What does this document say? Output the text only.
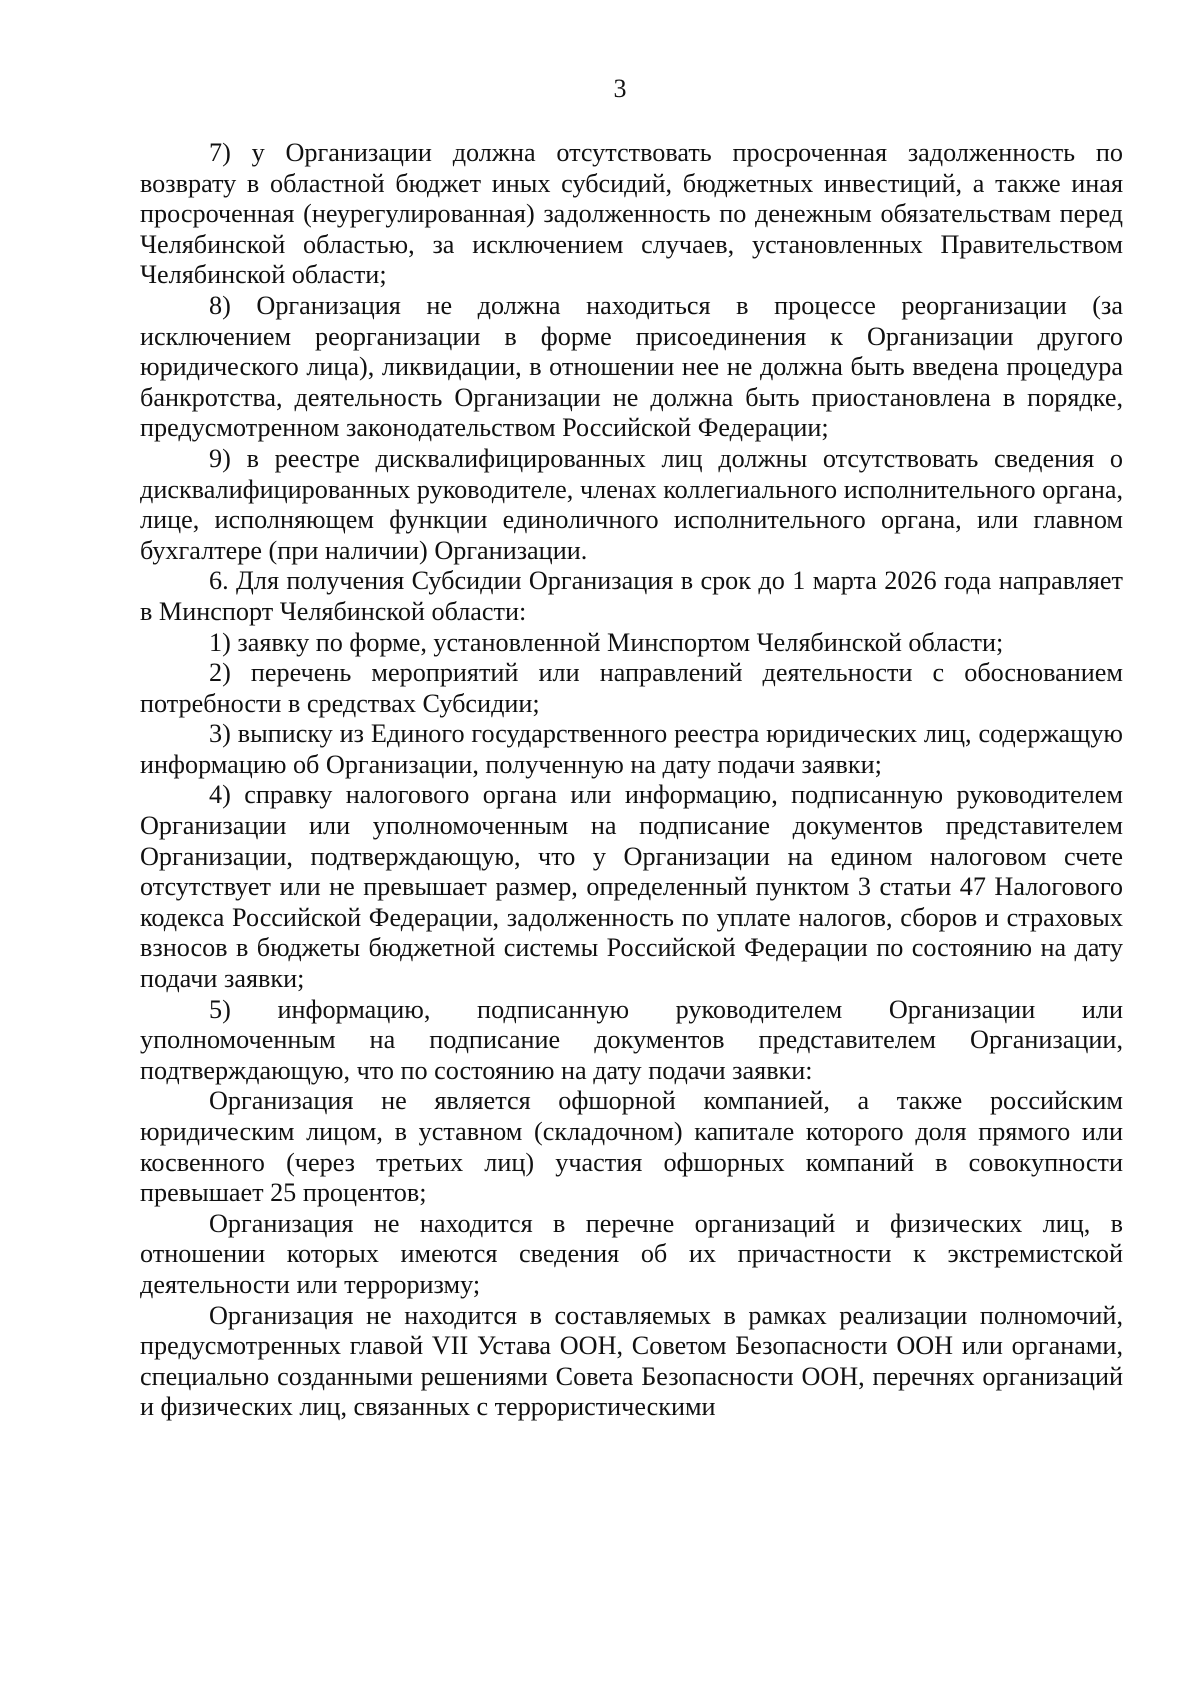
3

7) у Организации должна отсутствовать просроченная задолженность по возврату в областной бюджет иных субсидий, бюджетных инвестиций, а также иная просроченная (неурегулированная) задолженность по денежным обязательствам перед Челябинской областью, за исключением случаев, установленных Правительством Челябинской области;

8) Организация не должна находиться в процессе реорганизации (за исключением реорганизации в форме присоединения к Организации другого юридического лица), ликвидации, в отношении нее не должна быть введена процедура банкротства, деятельность Организации не должна быть приостановлена в порядке, предусмотренном законодательством Российской Федерации;

9) в реестре дисквалифицированных лиц должны отсутствовать сведения о дисквалифицированных руководителе, членах коллегиального исполнительного органа, лице, исполняющем функции единоличного исполнительного органа, или главном бухгалтере (при наличии) Организации.

6. Для получения Субсидии Организация в срок до 1 марта 2026 года направляет в Минспорт Челябинской области:

1) заявку по форме, установленной Минспортом Челябинской области;

2) перечень мероприятий или направлений деятельности с обоснованием потребности в средствах Субсидии;

3) выписку из Единого государственного реестра юридических лиц, содержащую информацию об Организации, полученную на дату подачи заявки;

4) справку налогового органа или информацию, подписанную руководителем Организации или уполномоченным на подписание документов представителем Организации, подтверждающую, что у Организации на едином налоговом счете отсутствует или не превышает размер, определенный пунктом 3 статьи 47 Налогового кодекса Российской Федерации, задолженность по уплате налогов, сборов и страховых взносов в бюджеты бюджетной системы Российской Федерации по состоянию на дату подачи заявки;

5) информацию, подписанную руководителем Организации или уполномоченным на подписание документов представителем Организации, подтверждающую, что по состоянию на дату подачи заявки:

Организация не является офшорной компанией, а также российским юридическим лицом, в уставном (складочном) капитале которого доля прямого или косвенного (через третьих лиц) участия офшорных компаний в совокупности превышает 25 процентов;

Организация не находится в перечне организаций и физических лиц, в отношении которых имеются сведения об их причастности к экстремистской деятельности или терроризму;

Организация не находится в составляемых в рамках реализации полномочий, предусмотренных главой VII Устава ООН, Советом Безопасности ООН или органами, специально созданными решениями Совета Безопасности ООН, перечнях организаций и физических лиц, связанных с террористическими
